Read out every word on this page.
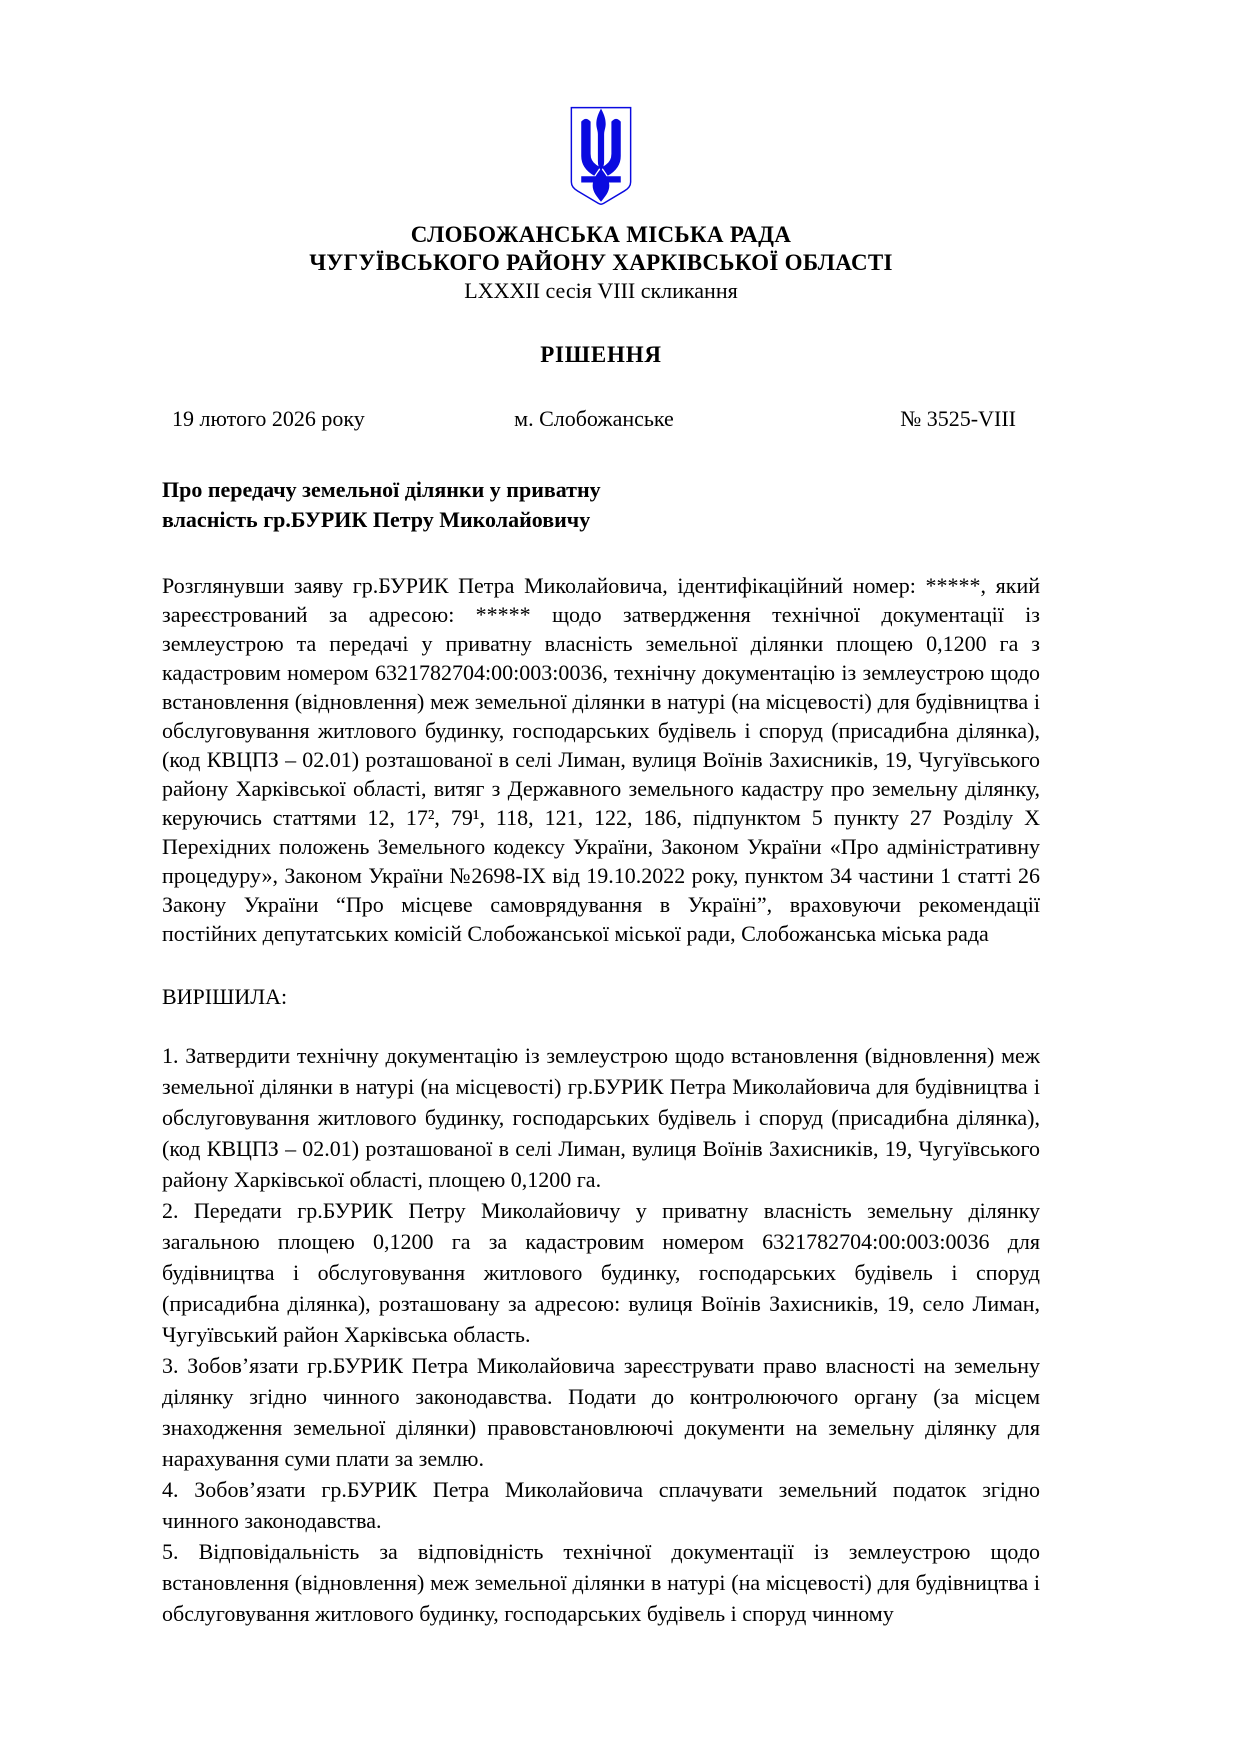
СЛОБОЖАНСЬКА МІСЬКА РАДА
ЧУГУЇВСЬКОГО РАЙОНУ ХАРКІВСЬКОЇ ОБЛАСТІ
LXXXII сесія VIII скликання
РІШЕННЯ
19 лютого 2026 року	м. Слобожанське	№ 3525-VIII
Про передачу земельної ділянки у приватну
власність гр.БУРИК Петру Миколайовичу

Розглянувши заяву гр.БУРИК Петра Миколайовича, ідентифікаційний номер: *****, який зареєстрований за адресою: ***** щодо затвердження технічної документації із землеустрою та передачі у приватну власність земельної ділянки площею 0,1200 га з кадастровим номером 6321782704:00:003:0036, технічну документацію із землеустрою щодо встановлення (відновлення) меж земельної ділянки в натурі (на місцевості) для будівництва і обслуговування житлового будинку, господарських будівель і споруд (присадибна ділянка), (код КВЦПЗ – 02.01) розташованої в селі Лиман, вулиця Воїнів Захисників, 19, Чугуївського району Харківської області, витяг з Державного земельного кадастру про земельну ділянку, керуючись статтями 12, 17², 79¹, 118, 121, 122, 186, підпунктом 5 пункту 27 Розділу X Перехідних положень Земельного кодексу України, Законом України «Про адміністративну процедуру», Законом України №2698-IX від 19.10.2022 року, пунктом 34 частини 1 статті 26 Закону України “Про місцеве самоврядування в Україні”, враховуючи рекомендації постійних депутатських комісій Слобожанської міської ради, Слобожанська міська рада

ВИРІШИЛА:

1. Затвердити технічну документацію із землеустрою щодо встановлення (відновлення) меж земельної ділянки в натурі (на місцевості) гр.БУРИК Петра Миколайовича для будівництва і обслуговування житлового будинку, господарських будівель і споруд (присадибна ділянка), (код КВЦПЗ – 02.01) розташованої в селі Лиман, вулиця Воїнів Захисників, 19, Чугуївського району Харківської області, площею 0,1200 га.

2. Передати гр.БУРИК Петру Миколайовичу у приватну власність земельну ділянку загальною площею 0,1200 га за кадастровим номером 6321782704:00:003:0036 для будівництва і обслуговування житлового будинку, господарських будівель і споруд (присадибна ділянка), розташовану за адресою: вулиця Воїнів Захисників, 19, село Лиман, Чугуївський район Харківська область.

3. Зобов’язати гр.БУРИК Петра Миколайовича зареєструвати право власності на земельну ділянку згідно чинного законодавства. Подати до контролюючого органу (за місцем знаходження земельної ділянки) правовстановлюючі документи на земельну ділянку для нарахування суми плати за землю.

4. Зобов’язати гр.БУРИК Петра Миколайовича сплачувати земельний податок згідно чинного законодавства.

5. Відповідальність за відповідність технічної документації із землеустрою щодо встановлення (відновлення) меж земельної ділянки в натурі (на місцевості) для будівництва і обслуговування житлового будинку, господарських будівель і споруд чинному
